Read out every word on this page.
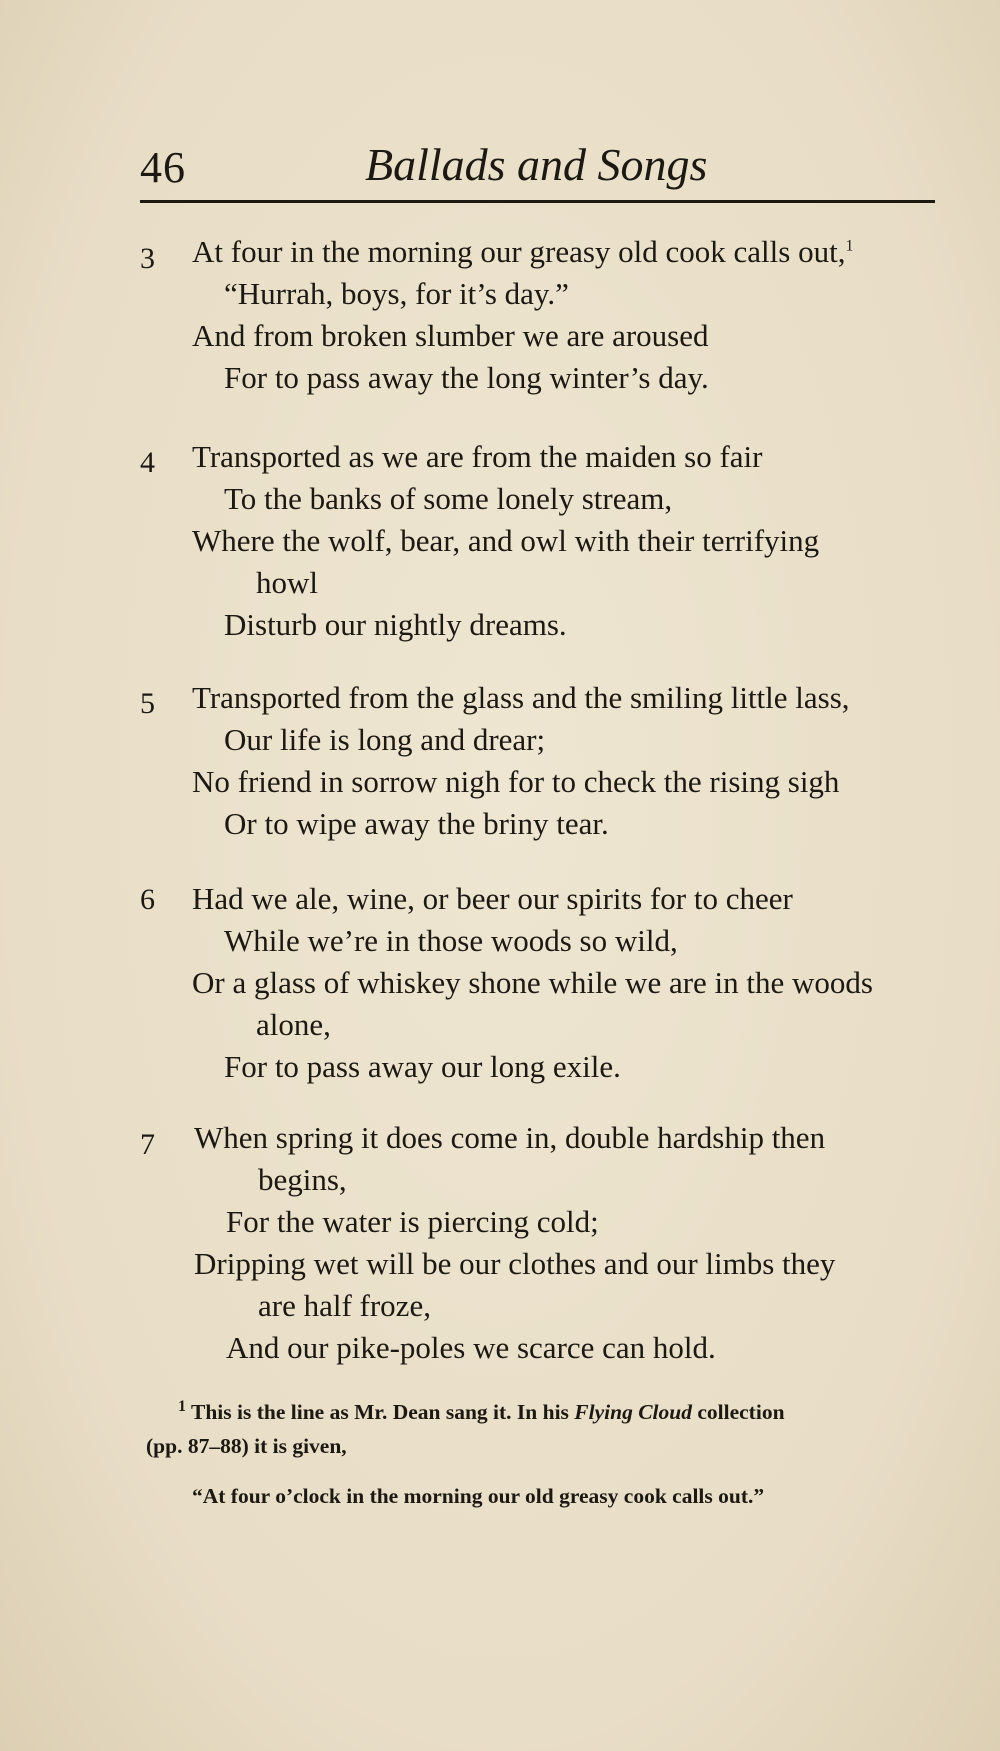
46	Ballads and Songs
3 At four in the morning our greasy old cook calls out,$^1$
“Hurrah, boys, for it’s day.”
And from broken slumber we are aroused
For to pass away the long winter’s day.
4 Transported as we are from the maiden so fair
To the banks of some lonely stream,
Where the wolf, bear, and owl with their terrifying
howl
Disturb our nightly dreams.
5 Transported from the glass and the smiling little lass,
Our life is long and drear;
No friend in sorrow nigh for to check the rising sigh
Or to wipe away the briny tear.
6 Had we ale, wine, or beer our spirits for to cheer
While we’re in those woods so wild,
Or a glass of whiskey shone while we are in the woods
alone,
For to pass away our long exile.
7 When spring it does come in, double hardship then
begins,
For the water is piercing cold;
Dripping wet will be our clothes and our limbs they
are half froze,
And our pike-poles we scarce can hold.
$^1$ This is the line as Mr. Dean sang it. In his Flying Cloud collection
(pp. 87–88) it is given,
“At four o’clock in the morning our old greasy cook calls out.”
